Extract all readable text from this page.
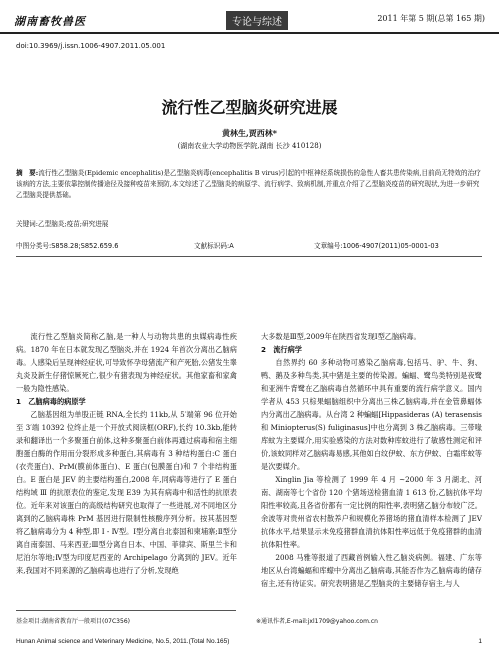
湖南畜牧兽医	专论与综述	2011 年第 5 期(总第 165 期)
doi:10.3969/j.issn.1006-4907.2011.05.001
流行性乙型脑炎研究进展
黄林生,贾西林*
(湖南农业大学动物医学院,湖南 长沙 410128)
摘　要:流行性乙型脑炎(Epidemic encephalitis)是乙型脑炎病毒(encephalitis B virus)引起的中枢神经系统损伤的急性人畜共患传染病,目前尚无特效的治疗该病的方法,主要依靠控制传播途径及接种疫苗来预防,本文综述了乙型脑炎的病原学、流行病学、致病机制,并重点介绍了乙型脑炎疫苗的研究现状,为进一步研究乙型脑炎提供基础。
关键词:乙型脑炎;疫苗;研究进展
中图分类号:S858.28;S852.659.6	文献标识码:A	文章编号:1006-4907(2011)05-0001-03

流行性乙型脑炎简称乙脑,是一种人与动物共患的虫媒病毒性疾病。1870 年在日本就发现乙型脑炎,并在 1924 年首次分离出乙脑病毒。人感染后呈现神经症状,可导致怀孕母猪流产和产死胎,公猪发生睾丸炎及新生仔猪惊厥死亡,很少有猪表现为神经症状。其他家畜和家禽一般为隐性感染。

1　乙脑病毒的病原学

乙脑基因组为单股正链 RNA,全长约 11kb,从 5′端第 96 位开始至 3′端 10392 位终止是一个开放式阅读框(ORF),长约 10.3kb,能转录和翻译出一个多聚蛋白前体,这种多聚蛋白前体再通过病毒和宿主细胞蛋白酶的作用而分裂形成多种蛋白,其病毒有 3 种结构蛋白:C 蛋白(衣壳蛋白)、PrM(膜前体蛋白)、E 蛋白(包膜蛋白)和 7 个非结构蛋白。E 蛋白是 JEV 的主要结构蛋白,2008 年,同病毒等进行了 E 蛋白结构域 Ⅲ 的抗原表位的鉴定,发现 E39 为其有病毒中和活性的抗原表位。近年来对该蛋白的高级结构研究也取得了一些进展,对不同地区分离到的乙脑病毒株 PrM 基因进行限制性核酸序列分析。按其基因型将乙脑病毒分为 4 种型,即 Ⅰ - Ⅳ型。Ⅰ型分离自北泰国和柬埔寨;Ⅱ型分离自南泰国、马来西亚;Ⅲ型分离自日本、中国、菲律宾、斯里兰卡和尼泊尔等地;Ⅳ型为印度尼西亚的 Archipelago 分离到的 JEV。近年来,我国对不同来源的乙脑病毒也进行了分析,发现绝

大多数是Ⅲ型,2009年在陕西省发现Ⅰ型乙脑病毒。

2　流行病学

自然界约 60 多种动物可感染乙脑病毒,包括马、驴、牛、狗、鸭、鹅及多种鸟类,其中猪是主要的传染源。蝙蝠、鹭鸟类特别是夜鹭和亚洲牛背鹭在乙脑病毒自然循环中具有重要的流行病学意义。国内学者从 453 只棕果蝠脑组织中分离出三株乙脑病毒,并在金管鼻蝠体内分离出乙脑病毒。从台湾 2 种蝙蝠[Hippasideras (A) terasensis 和 Miniopterus(S) fuliginasus]中也分离到 3 株乙脑病毒。三带喙库蚊为主要媒介,用实验感染的方法对数种库蚊进行了敏感性测定和评价,该蚊同样对乙脑病毒易感,其他如白纹伊蚊、东方伊蚊、白霜库蚊等是次要媒介。

Xinglin Jia 等检测了 1999 年 4 月 ~2000 年 3 月湖北、河南、湖南等七个省份 120 个猪场送检猪血清 1 613 份,乙脑抗体平均阳性率较高,且各省份都有一定比例的阳性率,表明猪乙脑分布较广泛。余波等对贵州省农村散养户和规模化养猪场的猪血清样本检测了 JEV 抗体水平,结果显示未免疫猪群血清抗体阳性率远低于免疫猪群的血清抗体阳性率。

2008 马雅等报道了西藏首例输入性乙脑炎病例。福建、广东等地区从台湾蝙蝠和库蠓中分离出乙脑病毒,其能否作为乙脑病毒的储存宿主,还有待证实。研究表明猪是乙型脑炎的主要储存宿主,与人

基金项目:湖南省教育厅一般项目(07C356)	※通讯作者,E-mail:jxl1709@yahoo.com.cn
Hunan Animal science and Veterinary Medicine, No.5, 2011.(Total No.165)	1
